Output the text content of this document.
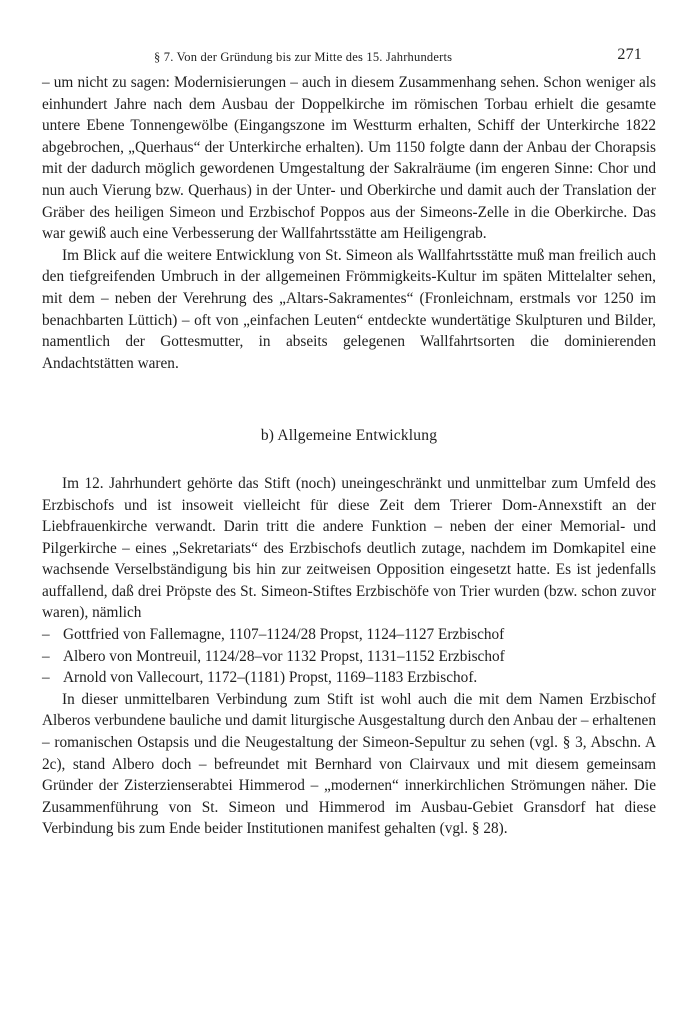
§ 7. Von der Gründung bis zur Mitte des 15. Jahrhunderts	271

– um nicht zu sagen: Modernisierungen – auch in diesem Zusammenhang sehen. Schon weniger als einhundert Jahre nach dem Ausbau der Doppelkirche im römischen Torbau erhielt die gesamte untere Ebene Tonnengewölbe (Eingangszone im Westturm erhalten, Schiff der Unterkirche 1822 abgebrochen, „Querhaus“ der Unterkirche erhalten). Um 1150 folgte dann der Anbau der Chorapsis mit der dadurch möglich gewordenen Umgestaltung der Sakralräume (im engeren Sinne: Chor und nun auch Vierung bzw. Querhaus) in der Unter- und Oberkirche und damit auch der Translation der Gräber des heiligen Simeon und Erzbischof Poppos aus der Simeons-Zelle in die Oberkirche. Das war gewiß auch eine Verbesserung der Wallfahrtsstätte am Heiligengrab.

Im Blick auf die weitere Entwicklung von St. Simeon als Wallfahrtsstätte muß man freilich auch den tiefgreifenden Umbruch in der allgemeinen Frömmigkeits-Kultur im späten Mittelalter sehen, mit dem – neben der Verehrung des „Altars-Sakramentes“ (Fronleichnam, erstmals vor 1250 im benachbarten Lüttich) – oft von „einfachen Leuten“ entdeckte wundertätige Skulpturen und Bilder, namentlich der Gottesmutter, in abseits gelegenen Wallfahrtsorten die dominierenden Andachtstätten waren.

b) Allgemeine Entwicklung

Im 12. Jahrhundert gehörte das Stift (noch) uneingeschränkt und unmittelbar zum Umfeld des Erzbischofs und ist insoweit vielleicht für diese Zeit dem Trierer Dom-Annexstift an der Liebfrauenkirche verwandt. Darin tritt die andere Funktion – neben der einer Memorial- und Pilgerkirche – eines „Sekretariats“ des Erzbischofs deutlich zutage, nachdem im Domkapitel eine wachsende Verselbständigung bis hin zur zeitweisen Opposition eingesetzt hatte. Es ist jedenfalls auffallend, daß drei Pröpste des St. Simeon-Stiftes Erzbischöfe von Trier wurden (bzw. schon zuvor waren), nämlich

– Gottfried von Fallemagne, 1107–1124/28 Propst, 1124–1127 Erzbischof
– Albero von Montreuil, 1124/28–vor 1132 Propst, 1131–1152 Erzbischof
– Arnold von Vallecourt, 1172–(1181) Propst, 1169–1183 Erzbischof.

In dieser unmittelbaren Verbindung zum Stift ist wohl auch die mit dem Namen Erzbischof Alberos verbundene bauliche und damit liturgische Ausgestaltung durch den Anbau der – erhaltenen – romanischen Ostapsis und die Neugestaltung der Simeon-Sepultur zu sehen (vgl. § 3, Abschn. A 2c), stand Albero doch – befreundet mit Bernhard von Clairvaux und mit diesem gemeinsam Gründer der Zisterzienserabtei Himmerod – „modernen“ innerkirchlichen Strömungen näher. Die Zusammenführung von St. Simeon und Himmerod im Ausbau-Gebiet Gransdorf hat diese Verbindung bis zum Ende beider Institutionen manifest gehalten (vgl. § 28).
